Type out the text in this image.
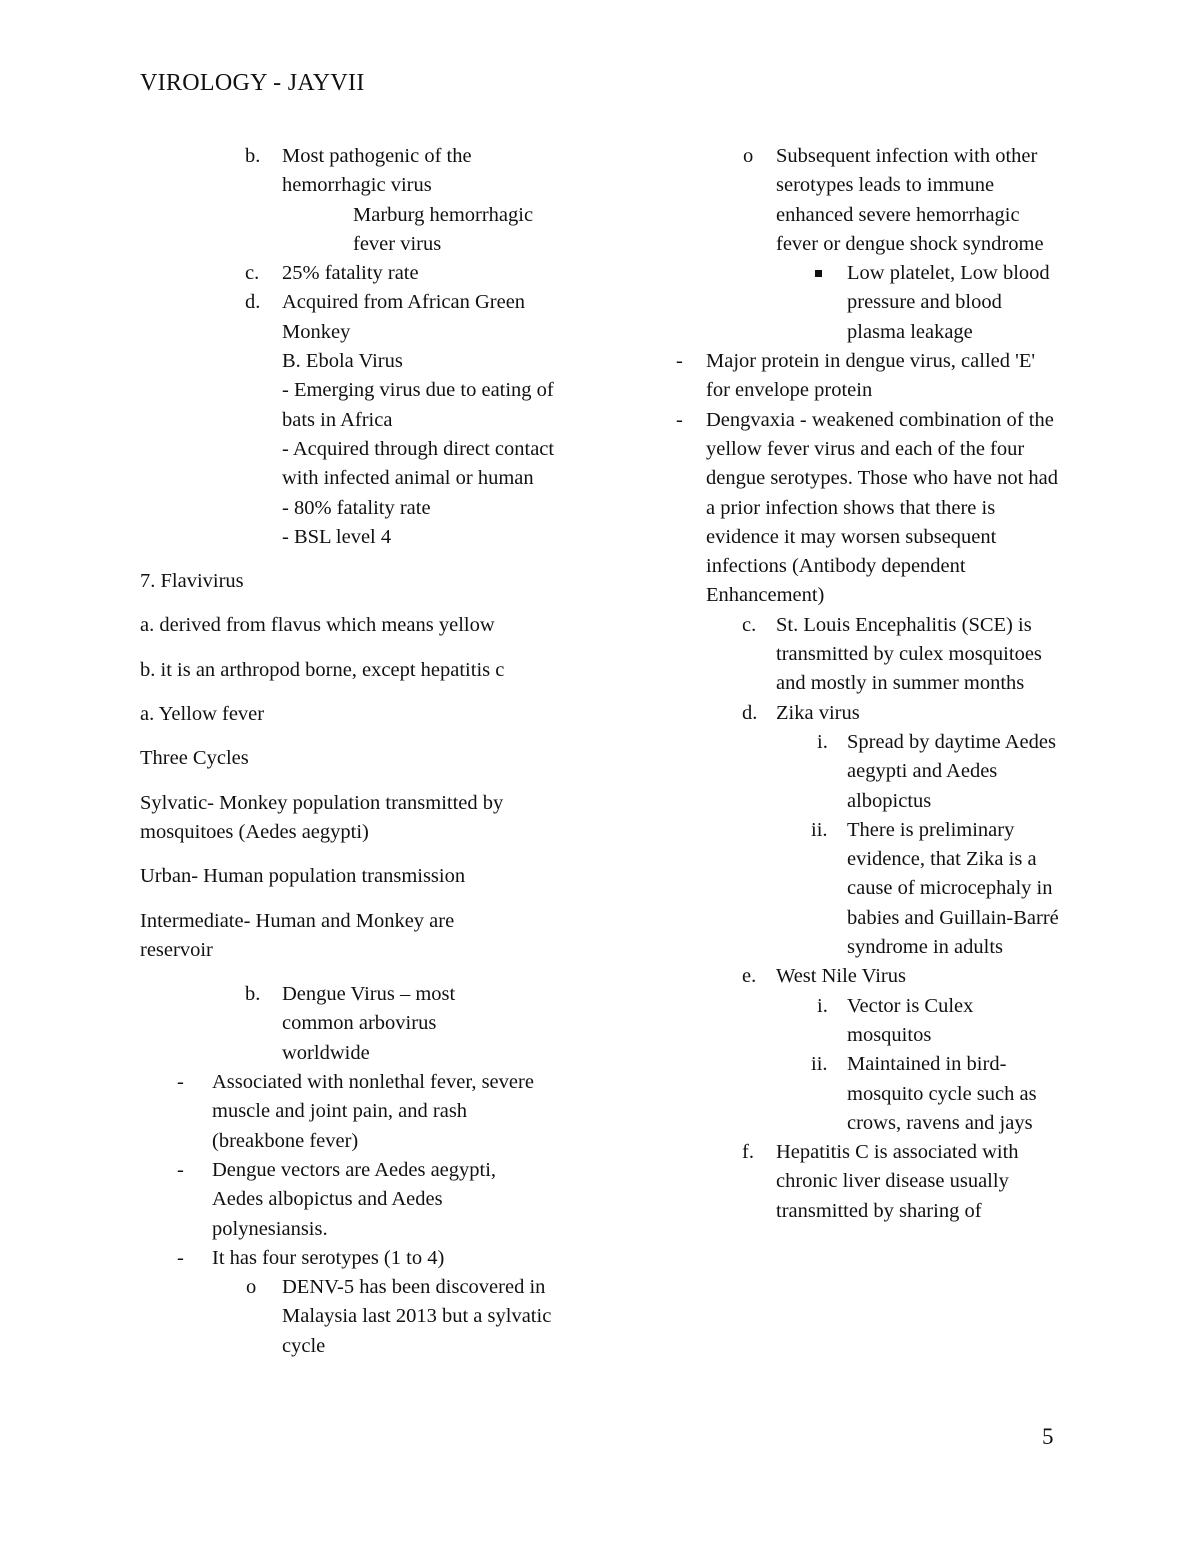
VIROLOGY - JAYVII
b. Most pathogenic of the hemorrhagic virus
Marburg hemorrhagic fever virus
c. 25% fatality rate
d. Acquired from African Green Monkey
B. Ebola Virus
- Emerging virus due to eating of bats in Africa
- Acquired through direct contact with infected animal or human
- 80% fatality rate
- BSL level 4
7. Flavivirus
a. derived from flavus which means yellow
b. it is an arthropod borne, except hepatitis c
a. Yellow fever
Three Cycles
Sylvatic- Monkey population transmitted by mosquitoes (Aedes aegypti)
Urban- Human population transmission
Intermediate- Human and Monkey are reservoir
b. Dengue Virus – most common arbovirus worldwide
- Associated with nonlethal fever, severe muscle and joint pain, and rash (breakbone fever)
- Dengue vectors are Aedes aegypti, Aedes albopictus and Aedes polynesiansis.
- It has four serotypes (1 to 4)
o DENV-5 has been discovered in Malaysia last 2013 but a sylvatic cycle
o Subsequent infection with other serotypes leads to immune enhanced severe hemorrhagic fever or dengue shock syndrome
Low platelet, Low blood pressure and blood plasma leakage
- Major protein in dengue virus, called 'E' for envelope protein
- Dengvaxia - weakened combination of the yellow fever virus and each of the four dengue serotypes. Those who have not had a prior infection shows that there is evidence it may worsen subsequent infections (Antibody dependent Enhancement)
c. St. Louis Encephalitis (SCE) is transmitted by culex mosquitoes and mostly in summer months
d. Zika virus
i. Spread by daytime Aedes aegypti and Aedes albopictus
ii. There is preliminary evidence, that Zika is a cause of microcephaly in babies and Guillain-Barré syndrome in adults
e. West Nile Virus
i. Vector is Culex mosquitos
ii. Maintained in bird-mosquito cycle such as crows, ravens and jays
f. Hepatitis C is associated with chronic liver disease usually transmitted by sharing of
5
